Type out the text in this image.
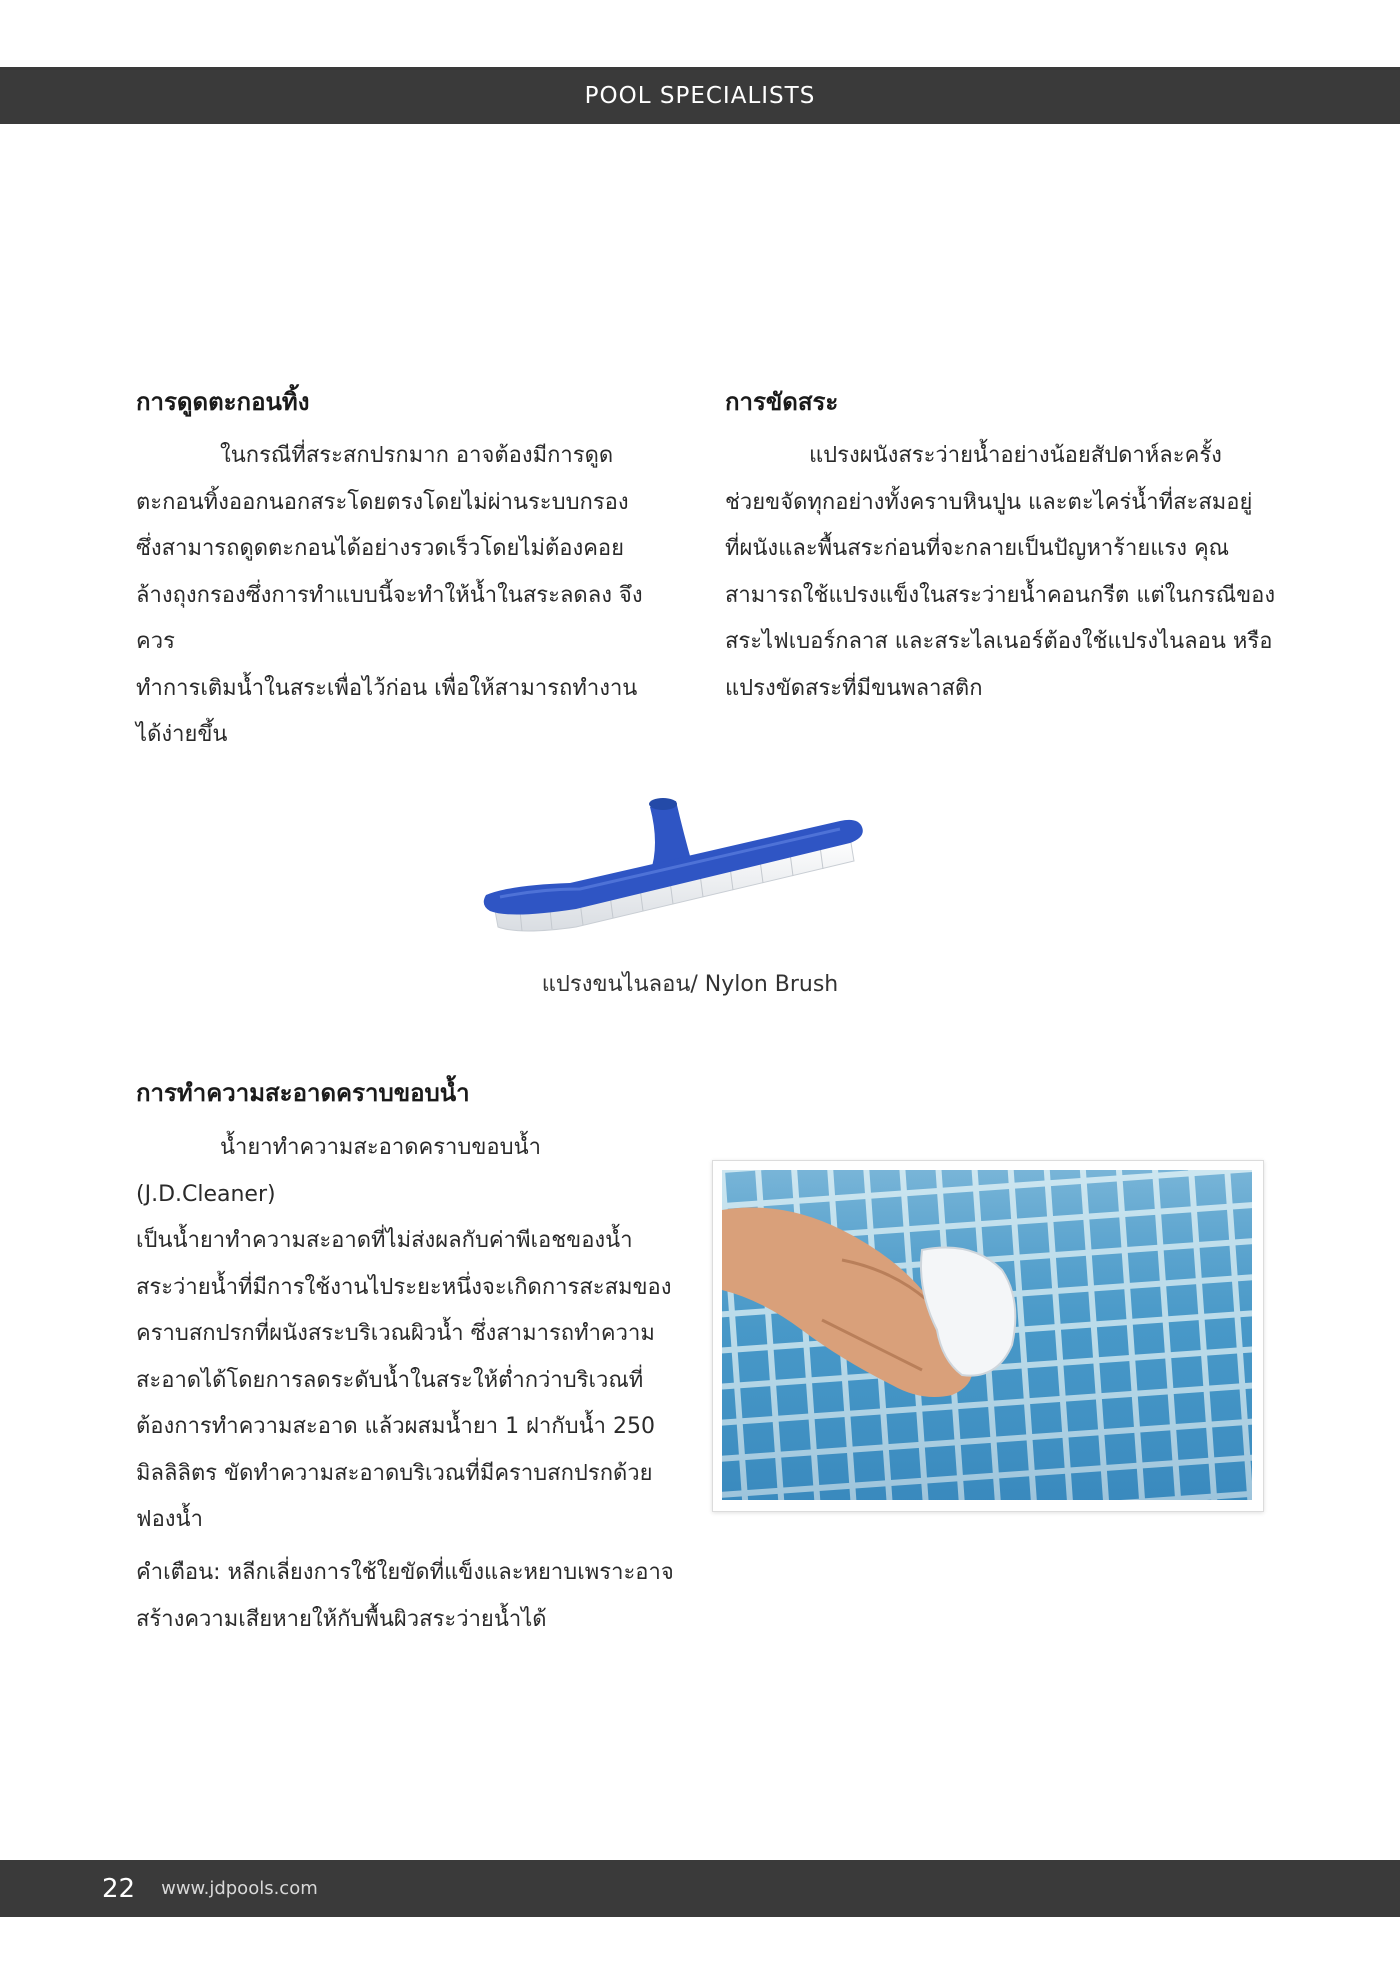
POOL SPECIALISTS
การดูดตะกอนทิ้ง
ในกรณีที่สระสกปรกมาก อาจต้องมีการดูด
ตะกอนทิ้งออกนอกสระโดยตรงโดยไม่ผ่านระบบกรอง
ซึ่งสามารถดูดตะกอนได้อย่างรวดเร็วโดยไม่ต้องคอย
ล้างถุงกรองซึ่งการทำแบบนี้จะทำให้น้ำในสระลดลง จึงควร
ทำการเติมน้ำในสระเพื่อไว้ก่อน เพื่อให้สามารถทำงาน
ได้ง่ายขึ้น
การขัดสระ
แปรงผนังสระว่ายน้ำอย่างน้อยสัปดาห์ละครั้ง
ช่วยขจัดทุกอย่างทั้งคราบหินปูน และตะไคร่น้ำที่สะสมอยู่
ที่ผนังและพื้นสระก่อนที่จะกลายเป็นปัญหาร้ายแรง คุณ
สามารถใช้แปรงแข็งในสระว่ายน้ำคอนกรีต แต่ในกรณีของ
สระไฟเบอร์กลาส และสระไลเนอร์ต้องใช้แปรงไนลอน หรือ
แปรงขัดสระที่มีขนพลาสติก
แปรงขนไนลอน/ Nylon Brush
การทำความสะอาดคราบขอบน้ำ
น้ำยาทำความสะอาดคราบขอบน้ำ (J.D.Cleaner)
เป็นน้ำยาทำความสะอาดที่ไม่ส่งผลกับค่าพีเอชของน้ำ
สระว่ายน้ำที่มีการใช้งานไประยะหนึ่งจะเกิดการสะสมของ
คราบสกปรกที่ผนังสระบริเวณผิวน้ำ ซึ่งสามารถทำความ
สะอาดได้โดยการลดระดับน้ำในสระให้ต่ำกว่าบริเวณที่
ต้องการทำความสะอาด แล้วผสมน้ำยา 1 ฝากับน้ำ 250
มิลลิลิตร ขัดทำความสะอาดบริเวณที่มีคราบสกปรกด้วย
ฟองน้ำ
คำเตือน: หลีกเลี่ยงการใช้ใยขัดที่แข็งและหยาบเพราะอาจ
สร้างความเสียหายให้กับพื้นผิวสระว่ายน้ำได้
22 www.jdpools.com
